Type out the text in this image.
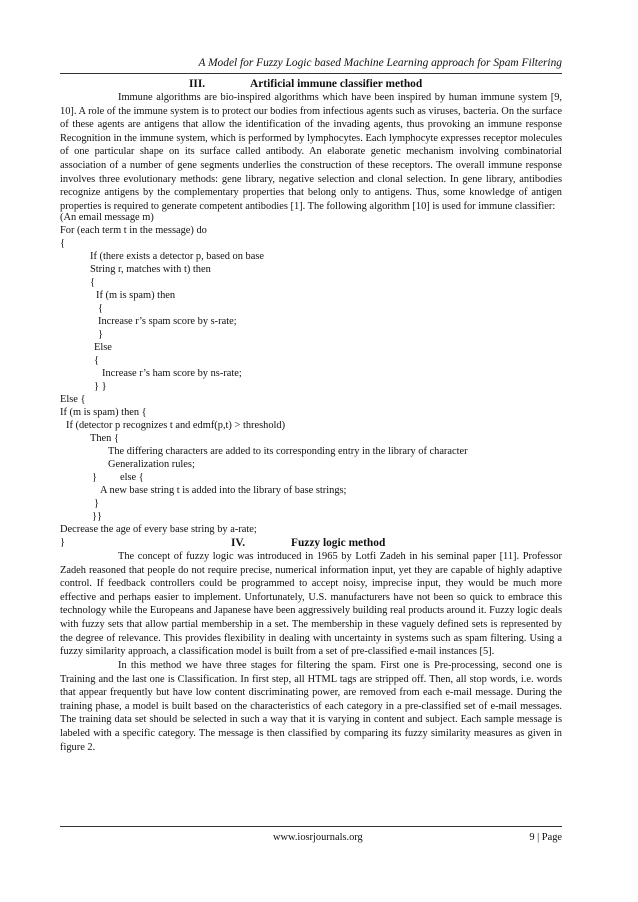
A Model for Fuzzy Logic based Machine Learning approach for Spam Filtering
III.	Artificial immune classifier method

Immune algorithms are bio-inspired algorithms which have been inspired by human immune system [9, 10]. A role of the immune system is to protect our bodies from infectious agents such as viruses, bacteria. On the surface of these agents are antigens that allow the identification of the invading agents, thus provoking an immune response Recognition in the immune system, which is performed by lymphocytes. Each lymphocyte expresses receptor molecules of one particular shape on its surface called antibody. An elaborate genetic mechanism involving combinatorial association of a number of gene segments underlies the construction of these receptors. The overall immune response involves three evolutionary methods: gene library, negative selection and clonal selection. In gene library, antibodies recognize antigens by the complementary properties that belong only to antigens. Thus, some knowledge of antigen properties is required to generate competent antibodies [1]. The following algorithm [10] is used for immune classifier:

(An email message m)
For (each term t in the message) do
{
If (there exists a detector p, based on base
String r, matches with t) then
{
If (m is spam) then
{
Increase r’s spam score by s-rate;
}
Else
{
Increase r’s ham score by ns-rate;
} }
Else {
If (m is spam) then {
If (detector p recognizes t and edmf(p,t) > threshold)
Then {
The differing characters are added to its corresponding entry in the library of character
Generalization rules;
} else {
A new base string t is added into the library of base strings;
}
}}
Decrease the age of every base string by a-rate;
}	IV.	Fuzzy logic method

The concept of fuzzy logic was introduced in 1965 by Lotfi Zadeh in his seminal paper [11]. Professor Zadeh reasoned that people do not require precise, numerical information input, yet they are capable of highly adaptive control. If feedback controllers could be programmed to accept noisy, imprecise input, they would be much more effective and perhaps easier to implement. Unfortunately, U.S. manufacturers have not been so quick to embrace this technology while the Europeans and Japanese have been aggressively building real products around it. Fuzzy logic deals with fuzzy sets that allow partial membership in a set. The membership in these vaguely defined sets is represented by the degree of relevance. This provides flexibility in dealing with uncertainty in systems such as spam filtering. Using a fuzzy similarity approach, a classification model is built from a set of pre-classified e-mail instances [5].

In this method we have three stages for filtering the spam. First one is Pre-processing, second one is Training and the last one is Classification. In first step, all HTML tags are stripped off. Then, all stop words, i.e. words that appear frequently but have low content discriminating power, are removed from each e-mail message. During the training phase, a model is built based on the characteristics of each category in a pre-classified set of e-mail messages. The training data set should be selected in such a way that it is varying in content and subject. Each sample message is labeled with a specific category. The message is then classified by comparing its fuzzy similarity measures as given in figure 2.

www.iosrjournals.org	9 | Page
